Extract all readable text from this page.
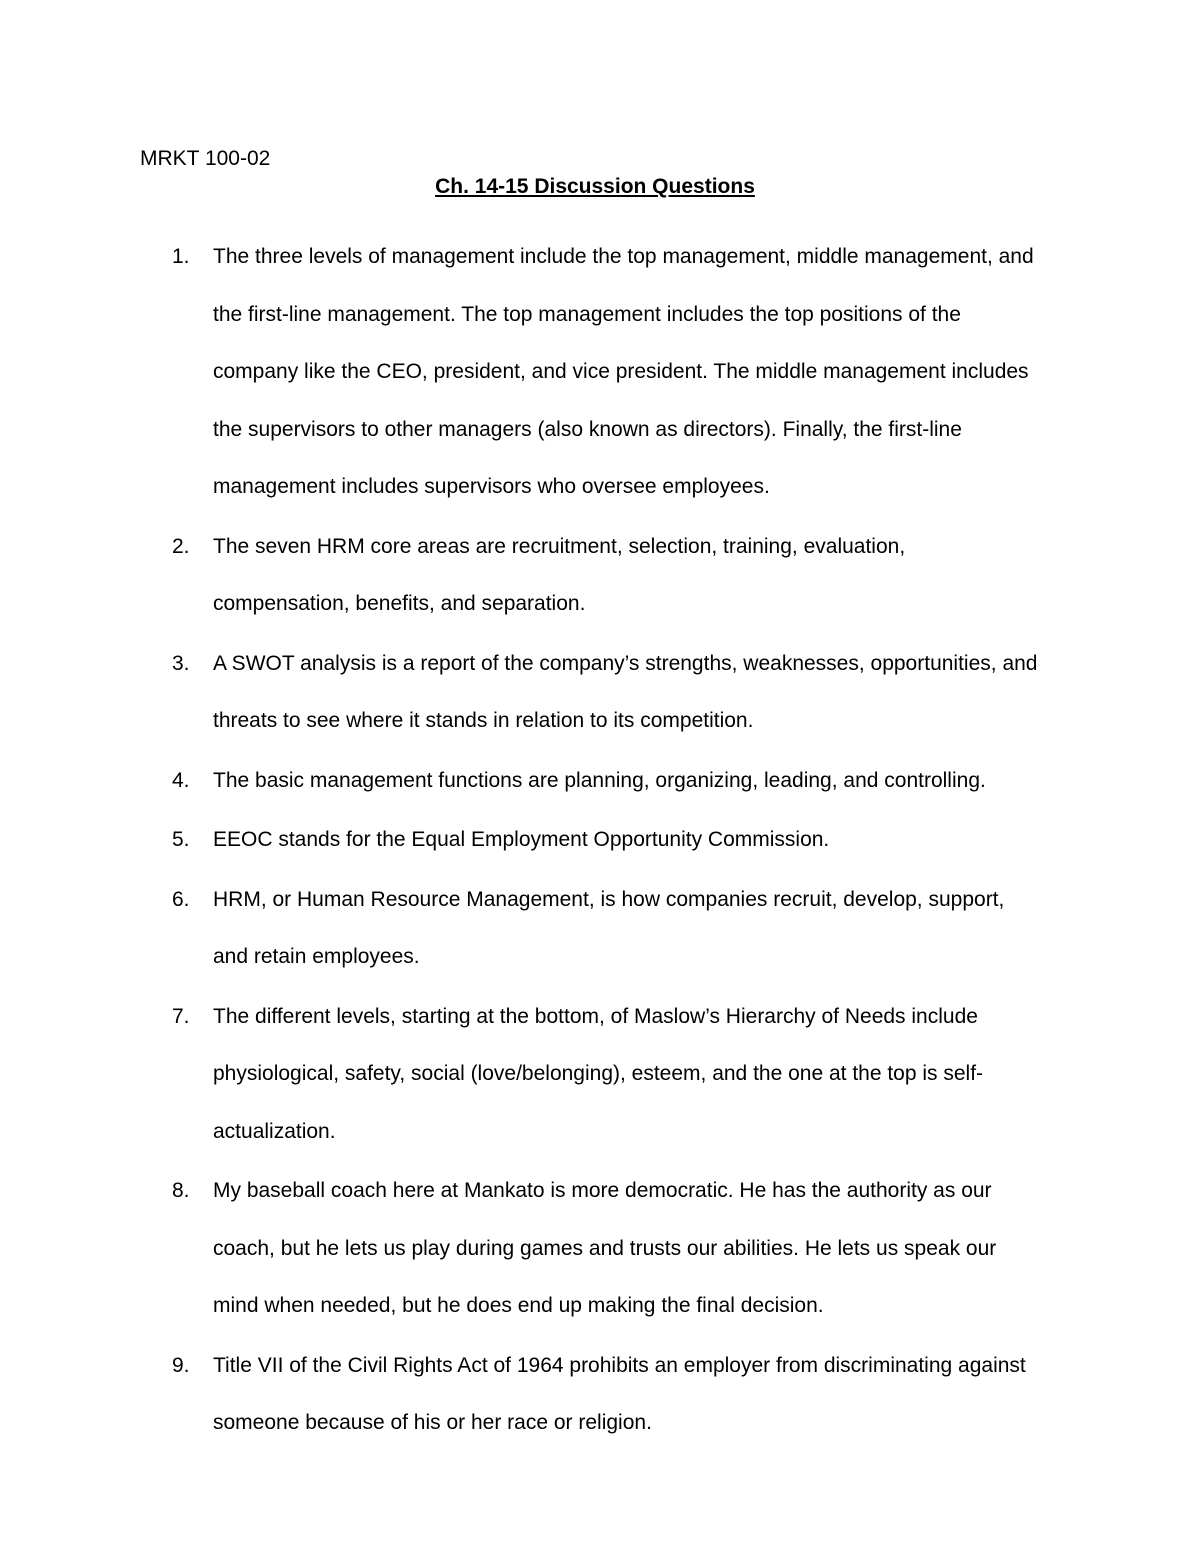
MRKT 100-02
Ch. 14-15 Discussion Questions
1. The three levels of management include the top management, middle management, and
the first-line management. The top management includes the top positions of the
company like the CEO, president, and vice president. The middle management includes
the supervisors to other managers (also known as directors). Finally, the first-line
management includes supervisors who oversee employees.
2. The seven HRM core areas are recruitment, selection, training, evaluation,
compensation, benefits, and separation.
3. A SWOT analysis is a report of the company’s strengths, weaknesses, opportunities, and
threats to see where it stands in relation to its competition.
4. The basic management functions are planning, organizing, leading, and controlling.
5. EEOC stands for the Equal Employment Opportunity Commission.
6. HRM, or Human Resource Management, is how companies recruit, develop, support,
and retain employees.
7. The different levels, starting at the bottom, of Maslow’s Hierarchy of Needs include
physiological, safety, social (love/belonging), esteem, and the one at the top is self-
actualization.
8. My baseball coach here at Mankato is more democratic. He has the authority as our
coach, but he lets us play during games and trusts our abilities. He lets us speak our
mind when needed, but he does end up making the final decision.
9. Title VII of the Civil Rights Act of 1964 prohibits an employer from discriminating against
someone because of his or her race or religion.
